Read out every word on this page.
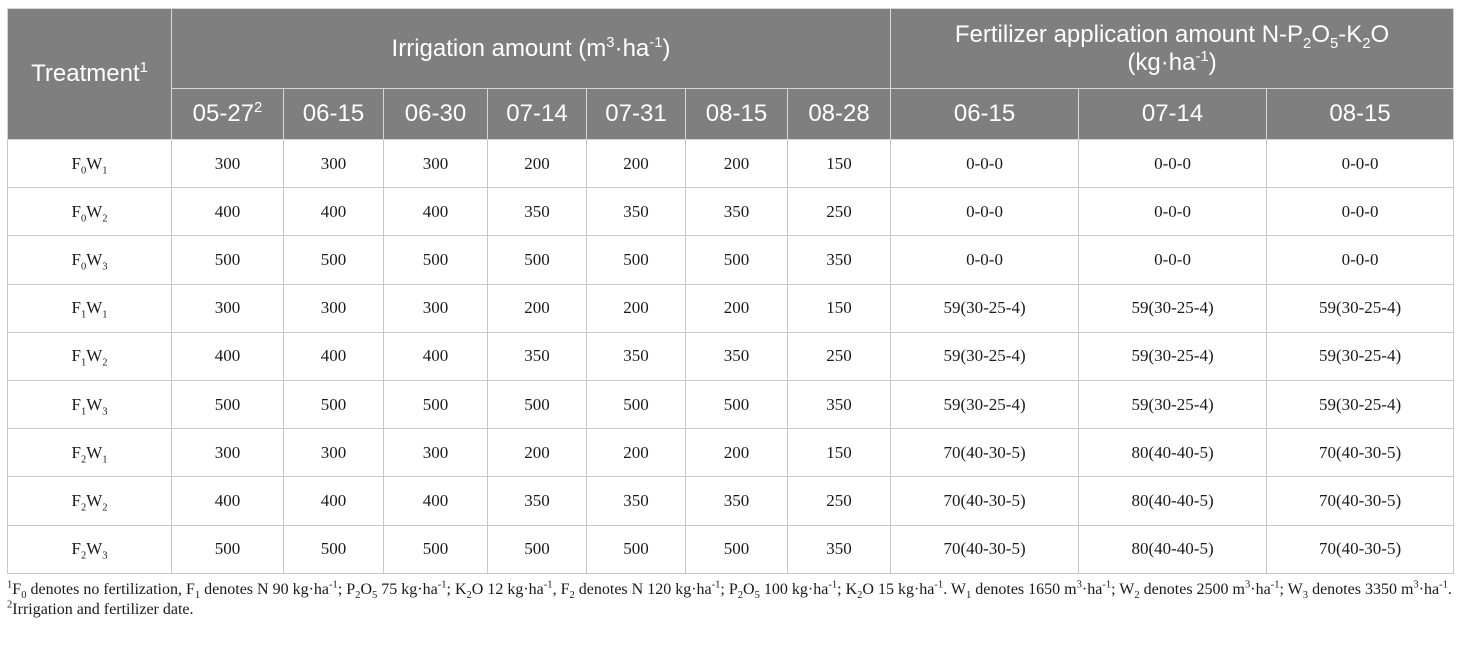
Treatment$^1$	Irrigation amount $(m^3\cdot ha^{-1})$							Fertilizer application amount $N-P_2O_5-K_2O$
$(kg\cdot ha^{-1})$		
	$05-27^2$	06-15	06-30	07-14	07-31	08-15	08-28	06-15	07-14	08-15
$F_0W_1$	300	300	300	200	200	200	150	0-0-0	0-0-0	0-0-0
$F_0W_2$	400	400	400	350	350	350	250	0-0-0	0-0-0	0-0-0
$F_0W_3$	500	500	500	500	500	500	350	0-0-0	0-0-0	0-0-0
$F_1W_1$	300	300	300	200	200	200	150	59(30-25-4)	59(30-25-4)	59(30-25-4)
$F_1W_2$	400	400	400	350	350	350	250	59(30-25-4)	59(30-25-4)	59(30-25-4)
$F_1W_3$	500	500	500	500	500	500	350	59(30-25-4)	59(30-25-4)	59(30-25-4)
$F_2W_1$	300	300	300	200	200	200	150	70(40-30-5)	80(40-40-5)	70(40-30-5)
$F_2W_2$	400	400	400	350	350	350	250	70(40-30-5)	80(40-40-5)	70(40-30-5)
$F_2W_3$	500	500	500	500	500	500	350	70(40-30-5)	80(40-40-5)	70(40-30-5)

$^1F_0$ denotes no fertilization, $F_1$ denotes N 90 $kg\cdot ha^{-1}$; $P_2O_5$ 75 $kg\cdot ha^{-1}$; $K_2O$ 12 $kg\cdot ha^{-1}$, $F_2$ denotes N 120 $kg\cdot ha^{-1}$; $P_2O_5$ 100 $kg\cdot ha^{-1}$; $K_2O$ 15 $kg\cdot ha^{-1}$. $W_1$ denotes 1650 $m^3\cdot ha^{-1}$; $W_2$ denotes 2500 $m^3\cdot ha^{-1}$; $W_3$ denotes 3350 $m^3\cdot ha^{-1}$.

$^2$Irrigation and fertilizer date.
